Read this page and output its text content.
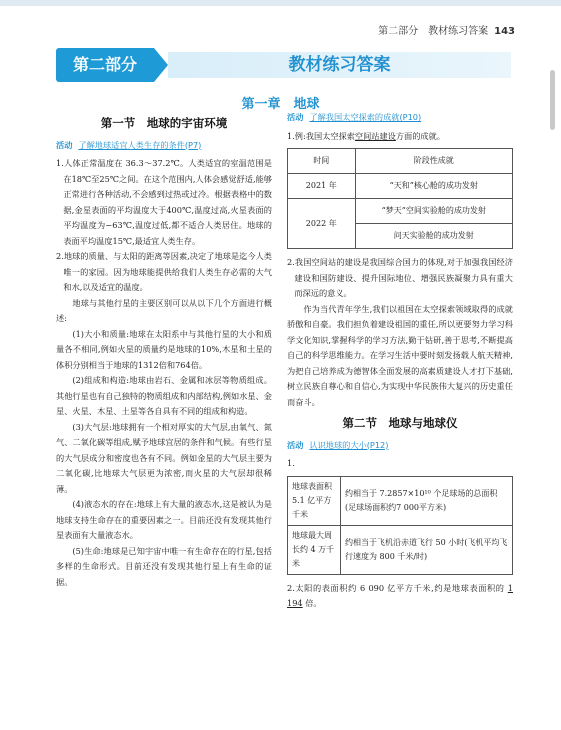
第二部分　教材练习答案 143
第二部分	教材练习答案
第一章　地球
第一节　地球的宇宙环境
活动 了解地球适宜人类生存的条件(P7)

1.人体正常温度在 36.3～37.2℃。人类适宜的室温范围是在18℃至25℃之间。在这个范围内,人体会感觉舒适,能够正常进行各种活动,不会感到过热或过冷。根据表格中的数据,金星表面的平均温度大于400℃,温度过高,火星表面的平均温度为−63℃,温度过低,都不适合人类居住。地球的表面平均温度15℃,最适宜人类生存。

2.地球的质量、与太阳的距离等因素,决定了地球是迄今人类唯一的家园。因为地球能提供给我们人类生存必需的大气和水,以及适宜的温度。

地球与其他行星的主要区别可以从以下几个方面进行概述:

(1)大小和质量:地球在太阳系中与其他行星的大小和质量各不相同,例如火星的质量约是地球的10%,木星和土星的体积分别相当于地球的1312倍和764倍。

(2)组成和构造:地球由岩石、金属和冰层等物质组成。其他行星也有自己独特的物质组成和内部结构,例如水星、金星、火星、木星、土星等各自具有不同的组成和构造。

(3)大气层:地球拥有一个相对厚实的大气层,由氧气、氮气、二氧化碳等组成,赋予地球宜居的条件和气候。有些行星的大气层成分和密度也各有不同。例如金星的大气层主要为二氧化碳,比地球大气层更为浓密,而火星的大气层却很稀薄。

(4)液态水的存在:地球上有大量的液态水,这是被认为是地球支持生命存在的重要因素之一。目前还没有发现其他行星表面有大量液态水。

(5)生命:地球是已知宇宙中唯一有生命存在的行星,包括多样的生命形式。目前还没有发现其他行星上有生命的证据。

活动 了解我国太空探索的成就(P10)

1.例:我国太空探索空间站建设方面的成就。

时间	阶段性成就
2021 年	“天和”核心舱的成功发射
2022 年	“梦天”空间实验舱的成功发射
	问天实验舱的成功发射

2.我国空间站的建设是我国综合国力的体现,对于加强我国经济建设和国防建设、提升国际地位、增强民族凝聚力具有重大而深远的意义。

作为当代青年学生,我们以祖国在太空探索领域取得的成就骄傲和自豪。我们担负着建设祖国的重任,所以更要努力学习科学文化知识,掌握科学的学习方法,勤于钻研,善于思考,不断提高自己的科学思维能力。在学习生活中要时刻发扬载人航天精神,为把自己培养成为德智体全面发展的高素质建设人才打下基础,树立民族自尊心和自信心,为实现中华民族伟大复兴的历史重任而奋斗。

第二节　地球与地球仪
活动 认识地球的大小(P12)

1.

地球表面积 5.1 亿平方千米	约相当于 7.2857×10¹⁰ 个足球场的总面积(足球场面积约7 000平方米)
地球最大周长约 4 万千米	约相当于飞机沿赤道飞行 50 小时(飞机平均飞行速度为 800 千米/时)

2.太阳的表面积约 6 090 亿平方千米,约是地球表面积的 1 194 倍。
